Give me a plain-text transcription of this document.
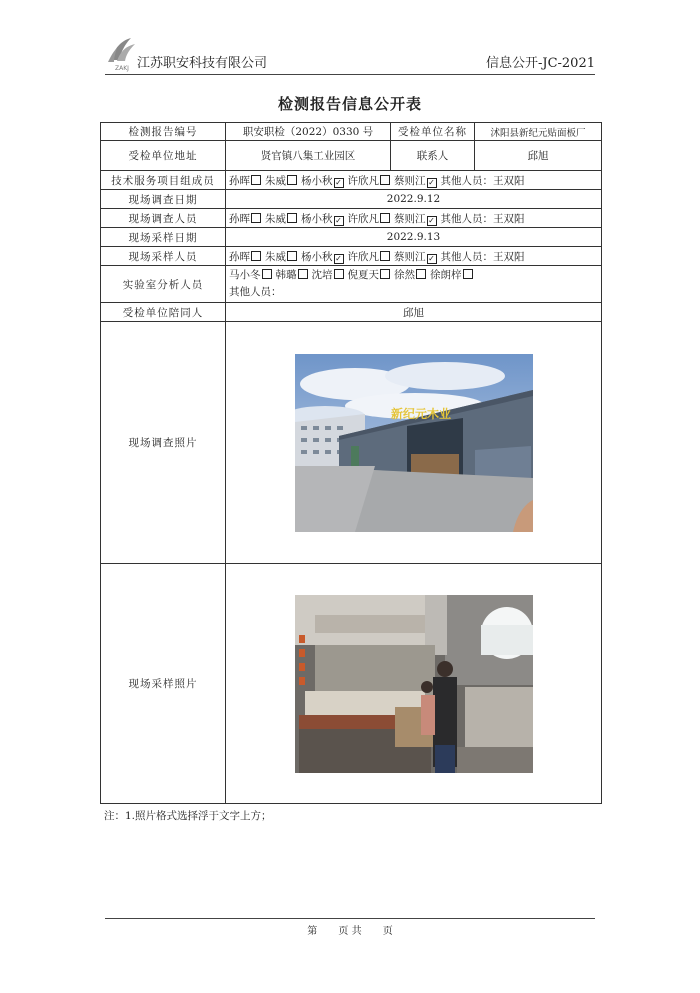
ZAKJ 江苏职安科技有限公司	信息公开-JC-2021
检测报告信息公开表
检测报告编号	职安职检（2022）0330 号	受检单位名称	沭阳县新纪元贴面板厂
受检单位地址	贤官镇八集工业园区	联系人	邱旭
技术服务项目组成员	孙晖 朱威 杨小秋 ✓ 许欣凡 蔡则江 ✓ 其他人员：王双阳		
现场调查日期	2022.9.12		
现场调查人员	孙晖 朱威 杨小秋 ✓ 许欣凡 蔡则江 ✓ 其他人员：王双阳		
现场采样日期	2022.9.13		
现场采样人员	孙晖 朱威 杨小秋 ✓ 许欣凡 蔡则江 ✓ 其他人员：王双阳		
实验室分析人员	马小冬 韩璐 沈培 倪夏天 徐然 徐朗梓
其他人员：		

受检单位陪同人	邱旭		
现场调查照片	新纪元木业		

现场采样照片	
注：1.照片格式选择浮于文字上方；
第 页 共 页
